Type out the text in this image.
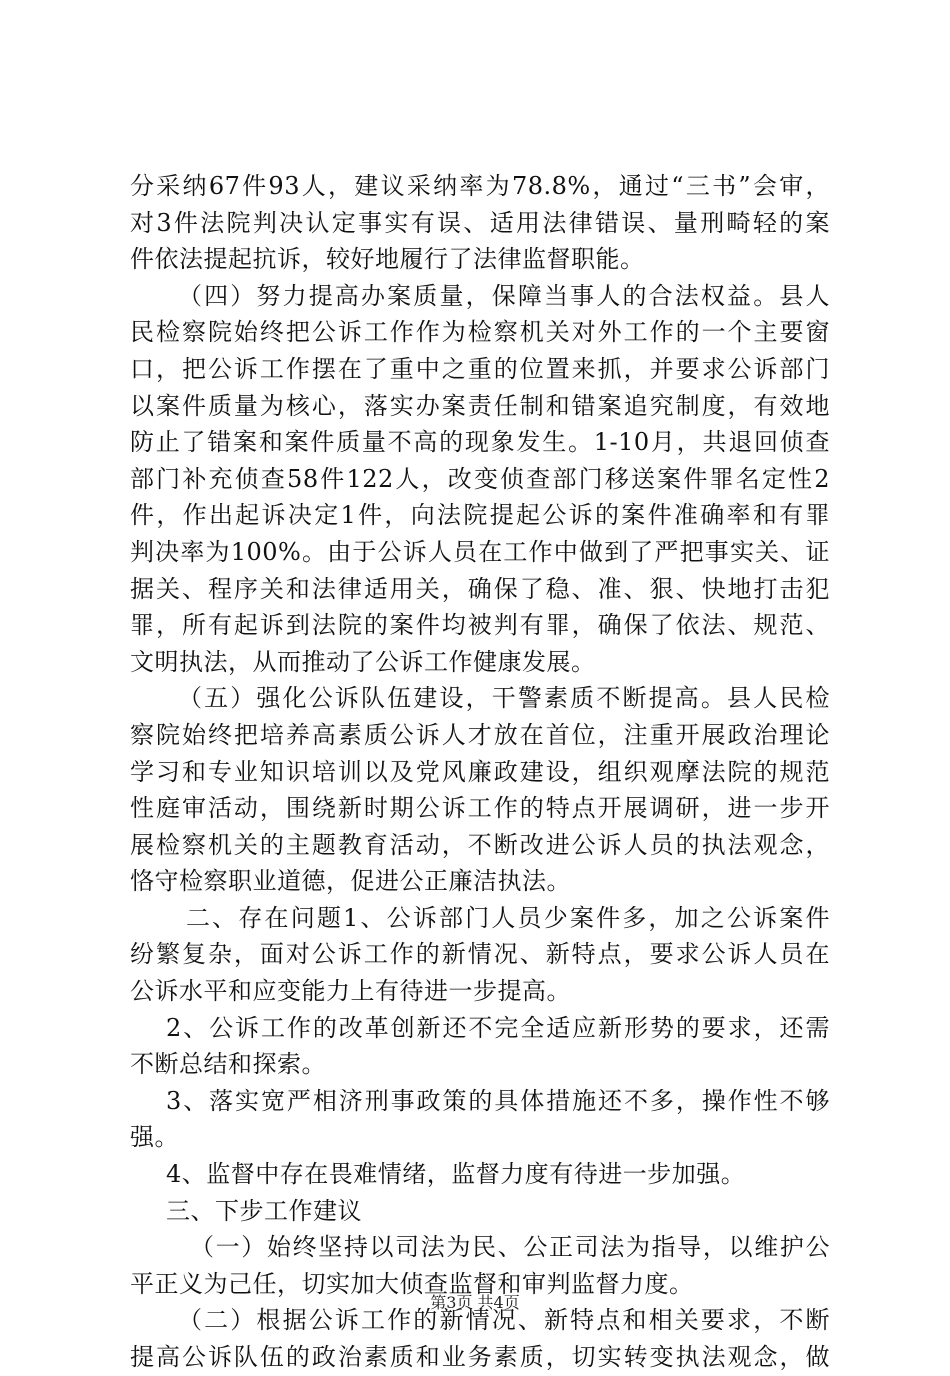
分采纳67件93人，建议采纳率为78.8%，通过“三书”会审，
对3件法院判决认定事实有误、适用法律错误、量刑畸轻的案
件依法提起抗诉，较好地履行了法律监督职能。
（四）努力提高办案质量，保障当事人的合法权益。县人
民检察院始终把公诉工作作为检察机关对外工作的一个主要窗
口，把公诉工作摆在了重中之重的位置来抓，并要求公诉部门
以案件质量为核心，落实办案责任制和错案追究制度，有效地
防止了错案和案件质量不高的现象发生。1-10月，共退回侦查
部门补充侦查58件122人，改变侦查部门移送案件罪名定性2
件，作出起诉决定1件，向法院提起公诉的案件准确率和有罪
判决率为100%。由于公诉人员在工作中做到了严把事实关、证
据关、程序关和法律适用关，确保了稳、准、狠、快地打击犯
罪，所有起诉到法院的案件均被判有罪，确保了依法、规范、
文明执法，从而推动了公诉工作健康发展。
（五）强化公诉队伍建设，干警素质不断提高。县人民检
察院始终把培养高素质公诉人才放在首位，注重开展政治理论
学习和专业知识培训以及党风廉政建设，组织观摩法院的规范
性庭审活动，围绕新时期公诉工作的特点开展调研，进一步开
展检察机关的主题教育活动，不断改进公诉人员的执法观念，
恪守检察职业道德，促进公正廉洁执法。
二、存在问题1、公诉部门人员少案件多，加之公诉案件
纷繁复杂，面对公诉工作的新情况、新特点，要求公诉人员在
公诉水平和应变能力上有待进一步提高。
2、公诉工作的改革创新还不完全适应新形势的要求，还需
不断总结和探索。
3、落实宽严相济刑事政策的具体措施还不多，操作性不够
强。
4、监督中存在畏难情绪，监督力度有待进一步加强。
三、下步工作建议
（一）始终坚持以司法为民、公正司法为指导，以维护公
平正义为己任，切实加大侦查监督和审判监督力度。
（二）根据公诉工作的新情况、新特点和相关要求，不断
提高公诉队伍的政治素质和业务素质，切实转变执法观念，做
第3页 共4页
